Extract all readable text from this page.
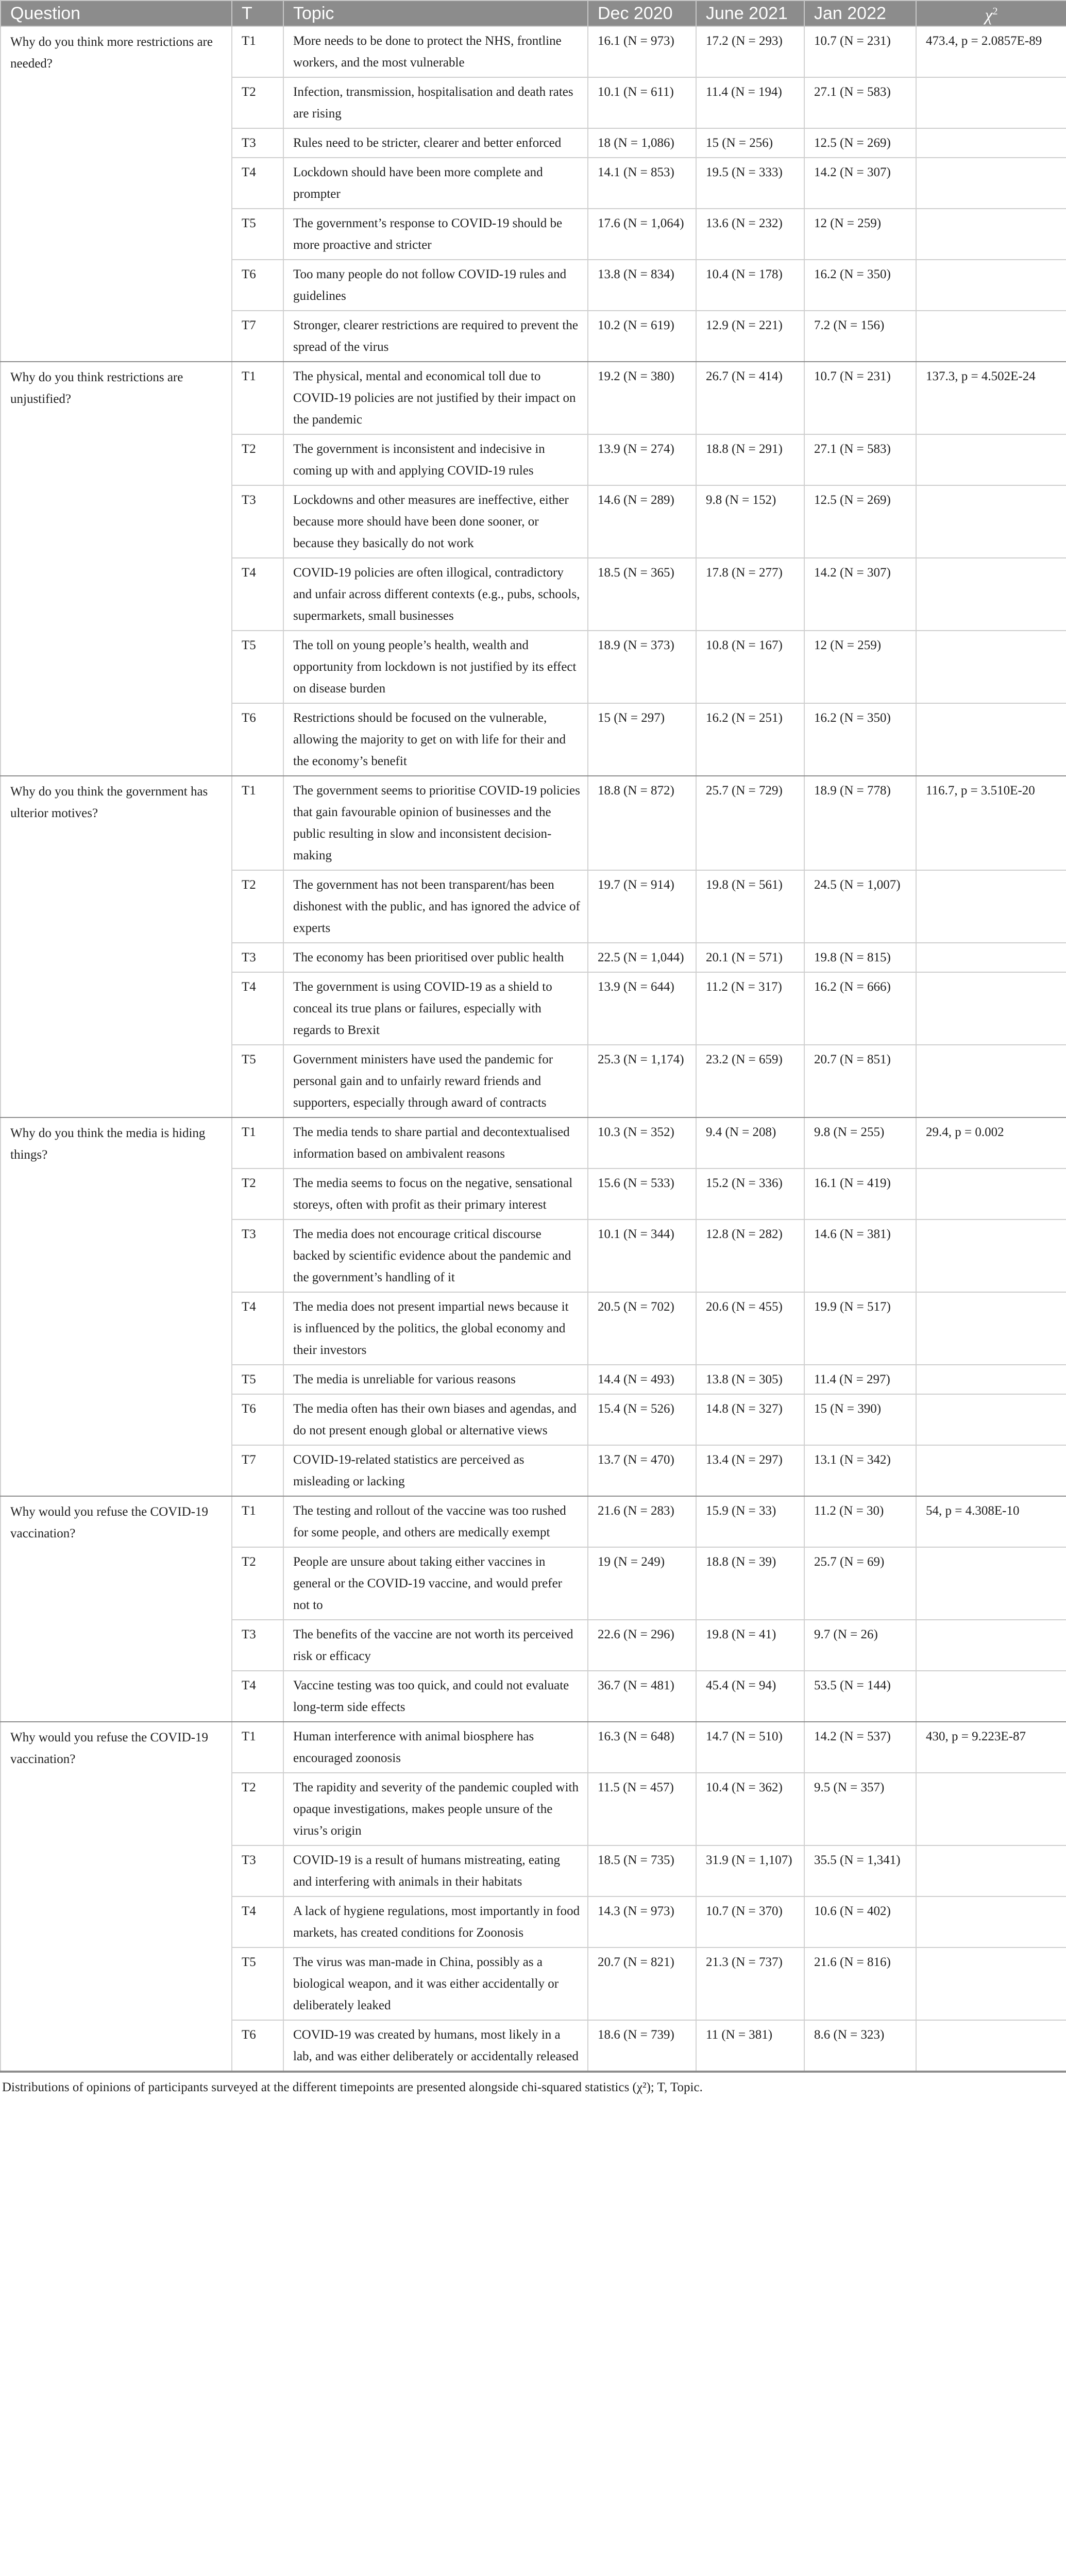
Question	T	Topic	Dec 2020	June 2021	Jan 2022	$\chi^2$
Why do you think more restrictions are needed?	T1	More needs to be done to protect the NHS, frontline workers, and the most vulnerable	16.1 (N = 973)	17.2 (N = 293)	10.7 (N = 231)	473.4, p = 2.0857E-89
	T2	Infection, transmission, hospitalisation and death rates are rising	10.1 (N = 611)	11.4 (N = 194)	27.1 (N = 583)	
	T3	Rules need to be stricter, clearer and better enforced	18 (N = 1,086)	15 (N = 256)	12.5 (N = 269)	
	T4	Lockdown should have been more complete and prompter	14.1 (N = 853)	19.5 (N = 333)	14.2 (N = 307)	
	T5	The government’s response to COVID-19 should be more proactive and stricter	17.6 (N = 1,064)	13.6 (N = 232)	12 (N = 259)	
	T6	Too many people do not follow COVID-19 rules and guidelines	13.8 (N = 834)	10.4 (N = 178)	16.2 (N = 350)	
	T7	Stronger, clearer restrictions are required to prevent the spread of the virus	10.2 (N = 619)	12.9 (N = 221)	7.2 (N = 156)	
Why do you think restrictions are unjustified?	T1	The physical, mental and economical toll due to COVID-19 policies are not justified by their impact on the pandemic	19.2 (N = 380)	26.7 (N = 414)	10.7 (N = 231)	137.3, p = 4.502E-24
	T2	The government is inconsistent and indecisive in coming up with and applying COVID-19 rules	13.9 (N = 274)	18.8 (N = 291)	27.1 (N = 583)	
	T3	Lockdowns and other measures are ineffective, either because more should have been done sooner, or because they basically do not work	14.6 (N = 289)	9.8 (N = 152)	12.5 (N = 269)	
	T4	COVID-19 policies are often illogical, contradictory and unfair across different contexts (e.g., pubs, schools, supermarkets, small businesses	18.5 (N = 365)	17.8 (N = 277)	14.2 (N = 307)	
	T5	The toll on young people’s health, wealth and opportunity from lockdown is not justified by its effect on disease burden	18.9 (N = 373)	10.8 (N = 167)	12 (N = 259)	
	T6	Restrictions should be focused on the vulnerable, allowing the majority to get on with life for their and the economy’s benefit	15 (N = 297)	16.2 (N = 251)	16.2 (N = 350)	
Why do you think the government has ulterior motives?	T1	The government seems to prioritise COVID-19 policies that gain favourable opinion of businesses and the public resulting in slow and inconsistent decision-making	18.8 (N = 872)	25.7 (N = 729)	18.9 (N = 778)	116.7, p = 3.510E-20
	T2	The government has not been transparent/has been dishonest with the public, and has ignored the advice of experts	19.7 (N = 914)	19.8 (N = 561)	24.5 (N = 1,007)	
	T3	The economy has been prioritised over public health	22.5 (N = 1,044)	20.1 (N = 571)	19.8 (N = 815)	
	T4	The government is using COVID-19 as a shield to conceal its true plans or failures, especially with regards to Brexit	13.9 (N = 644)	11.2 (N = 317)	16.2 (N = 666)	
	T5	Government ministers have used the pandemic for personal gain and to unfairly reward friends and supporters, especially through award of contracts	25.3 (N = 1,174)	23.2 (N = 659)	20.7 (N = 851)	
Why do you think the media is hiding things?	T1	The media tends to share partial and decontextualised information based on ambivalent reasons	10.3 (N = 352)	9.4 (N = 208)	9.8 (N = 255)	29.4, p = 0.002
	T2	The media seems to focus on the negative, sensational storeys, often with profit as their primary interest	15.6 (N = 533)	15.2 (N = 336)	16.1 (N = 419)	
	T3	The media does not encourage critical discourse backed by scientific evidence about the pandemic and the government’s handling of it	10.1 (N = 344)	12.8 (N = 282)	14.6 (N = 381)	
	T4	The media does not present impartial news because it is influenced by the politics, the global economy and their investors	20.5 (N = 702)	20.6 (N = 455)	19.9 (N = 517)	
	T5	The media is unreliable for various reasons	14.4 (N = 493)	13.8 (N = 305)	11.4 (N = 297)	
	T6	The media often has their own biases and agendas, and do not present enough global or alternative views	15.4 (N = 526)	14.8 (N = 327)	15 (N = 390)	
	T7	COVID-19-related statistics are perceived as misleading or lacking	13.7 (N = 470)	13.4 (N = 297)	13.1 (N = 342)	
Why would you refuse the COVID-19 vaccination?	T1	The testing and rollout of the vaccine was too rushed for some people, and others are medically exempt	21.6 (N = 283)	15.9 (N = 33)	11.2 (N = 30)	54, p = 4.308E-10
	T2	People are unsure about taking either vaccines in general or the COVID-19 vaccine, and would prefer not to	19 (N = 249)	18.8 (N = 39)	25.7 (N = 69)	
	T3	The benefits of the vaccine are not worth its perceived risk or efficacy	22.6 (N = 296)	19.8 (N = 41)	9.7 (N = 26)	
	T4	Vaccine testing was too quick, and could not evaluate long-term side effects	36.7 (N = 481)	45.4 (N = 94)	53.5 (N = 144)	
Why would you refuse the COVID-19 vaccination?	T1	Human interference with animal biosphere has encouraged zoonosis	16.3 (N = 648)	14.7 (N = 510)	14.2 (N = 537)	430, p = 9.223E-87
	T2	The rapidity and severity of the pandemic coupled with opaque investigations, makes people unsure of the virus’s origin	11.5 (N = 457)	10.4 (N = 362)	9.5 (N = 357)	
	T3	COVID-19 is a result of humans mistreating, eating and interfering with animals in their habitats	18.5 (N = 735)	31.9 (N = 1,107)	35.5 (N = 1,341)	
	T4	A lack of hygiene regulations, most importantly in food markets, has created conditions for Zoonosis	14.3 (N = 973)	10.7 (N = 370)	10.6 (N = 402)	
	T5	The virus was man-made in China, possibly as a biological weapon, and it was either accidentally or deliberately leaked	20.7 (N = 821)	21.3 (N = 737)	21.6 (N = 816)	
	T6	COVID-19 was created by humans, most likely in a lab, and was either deliberately or accidentally released	18.6 (N = 739)	11 (N = 381)	8.6 (N = 323)	
Distributions of opinions of participants surveyed at the different timepoints are presented alongside chi-squared statistics (χ²); T, Topic.
